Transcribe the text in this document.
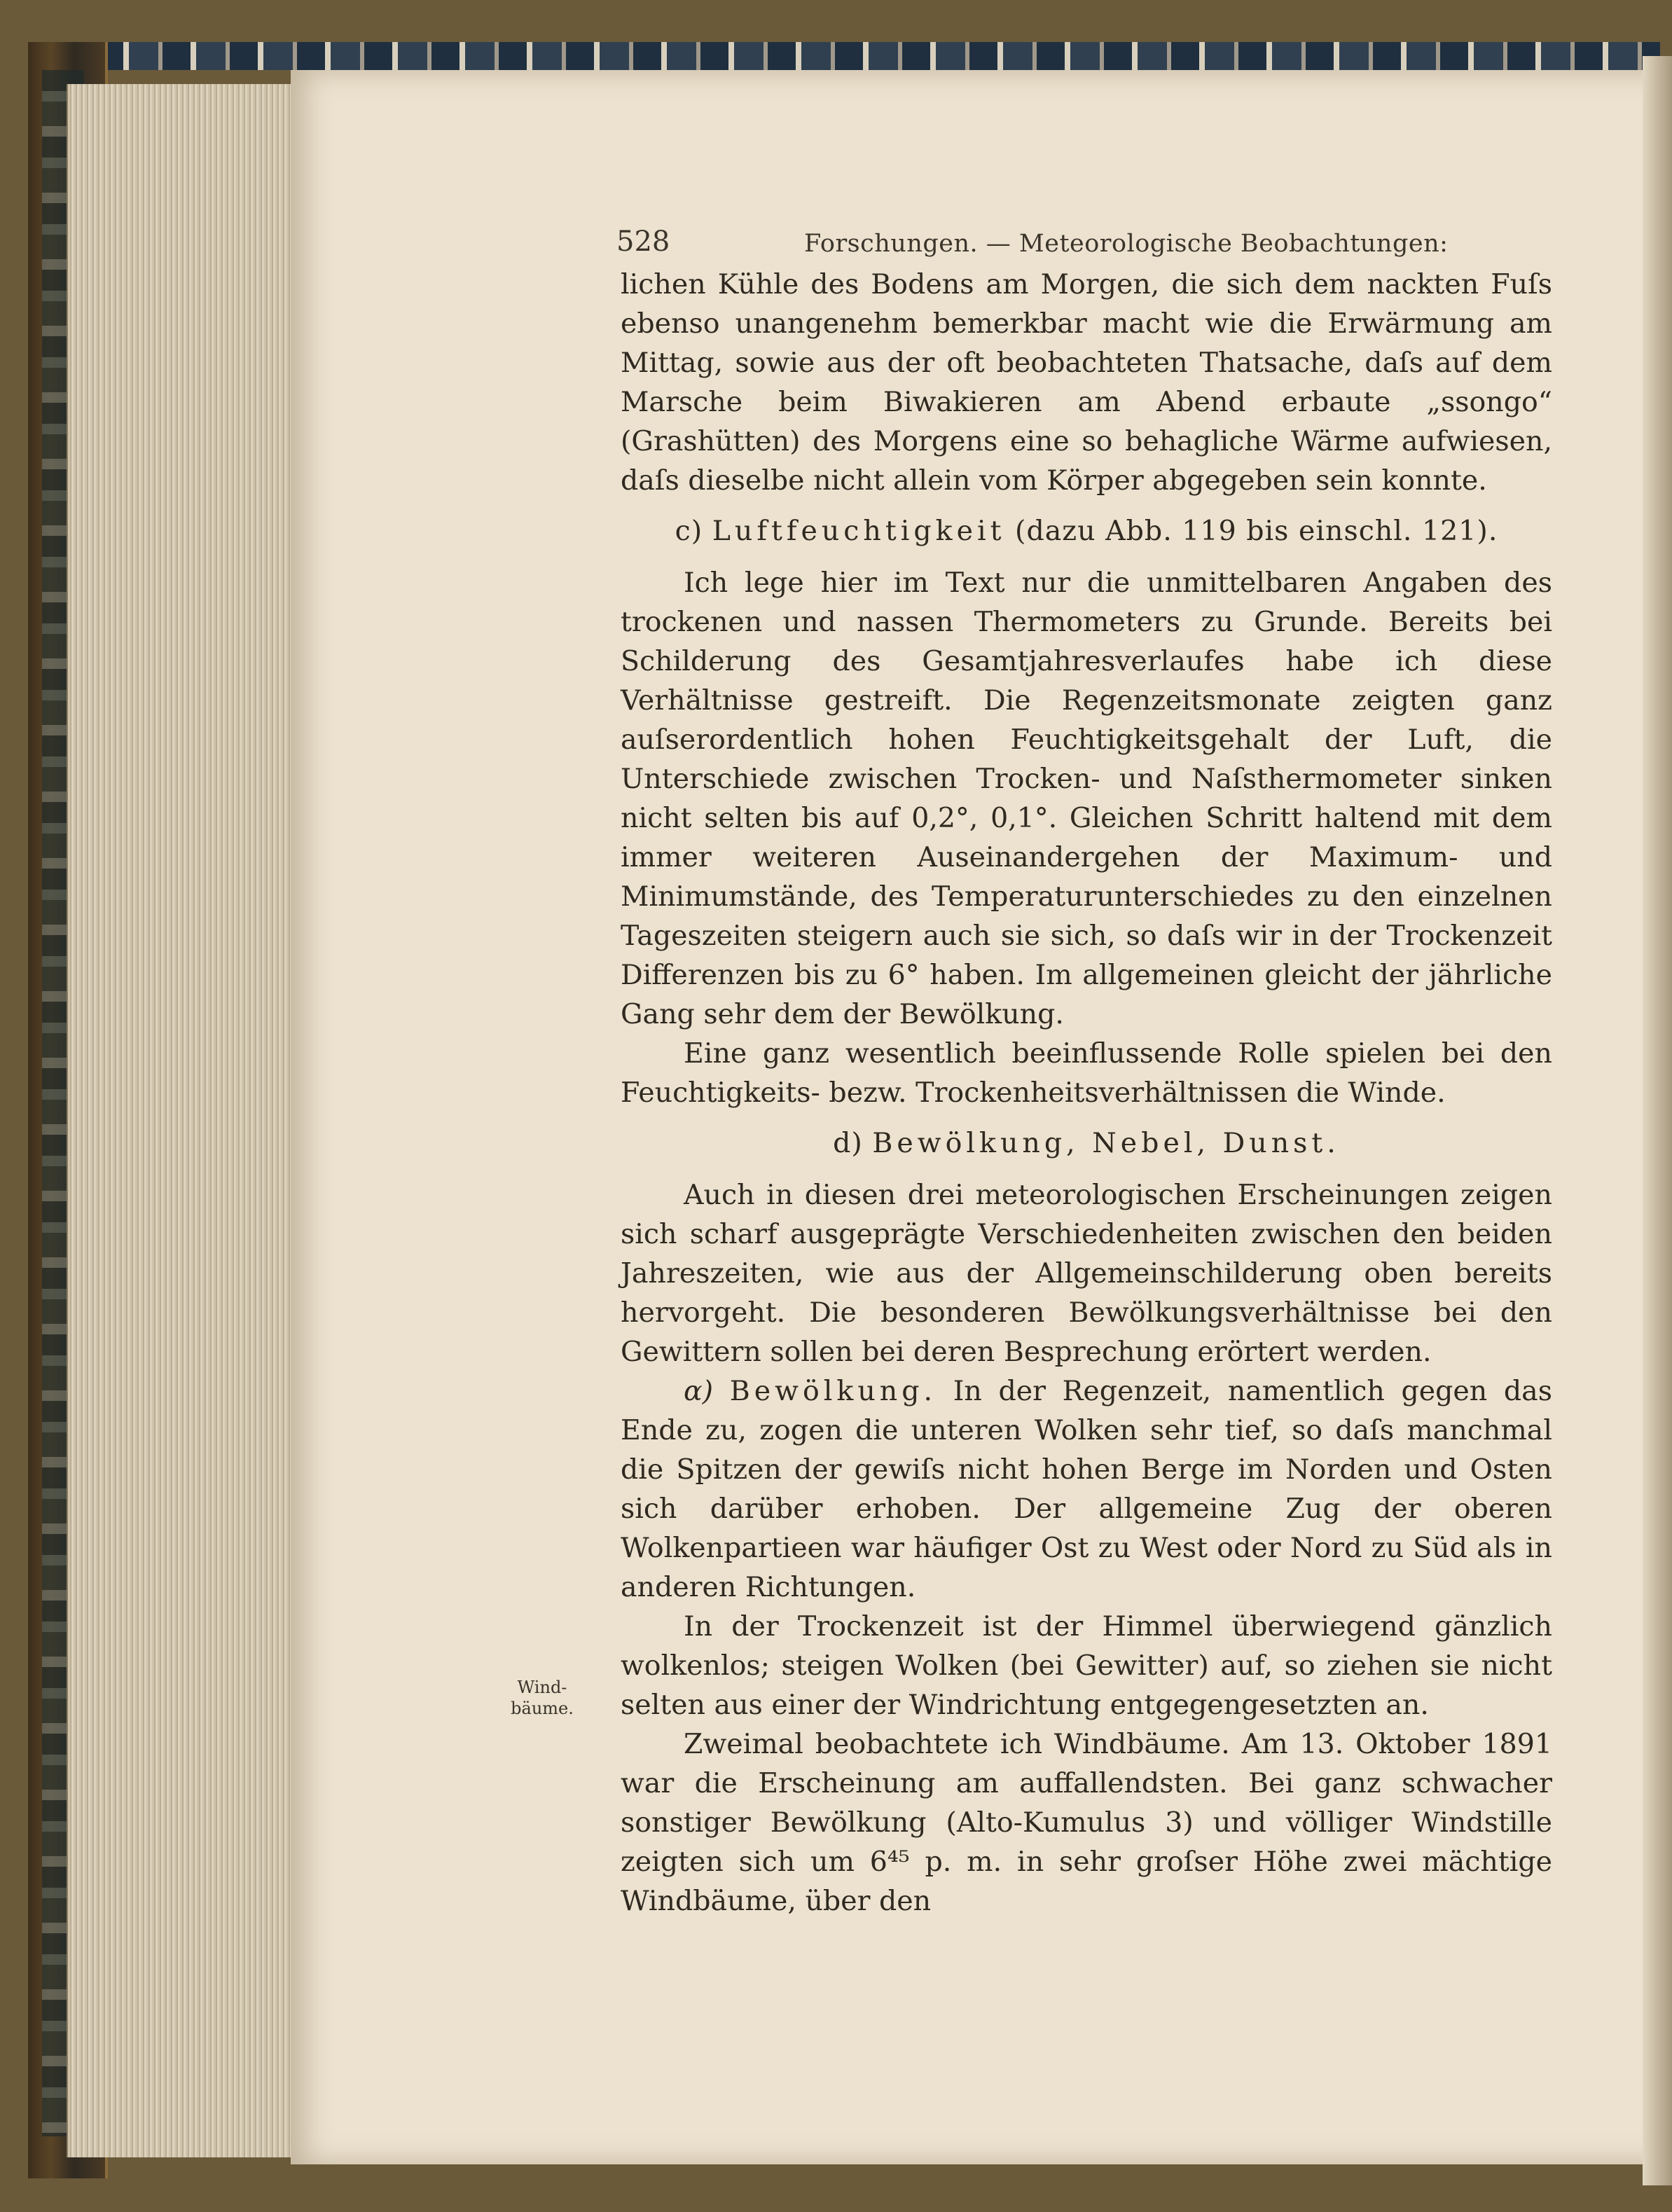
528	Forschungen. — Meteorologische Beobachtungen:
Wind-
bäume.

lichen Kühle des Bodens am Morgen, die sich dem nackten Fuſs ebenso unangenehm bemerkbar macht wie die Erwärmung am Mittag, sowie aus der oft beobachteten Thatsache, daſs auf dem Marsche beim Biwakieren am Abend erbaute „ssongo“ (Grashütten) des Morgens eine so behagliche Wärme aufwiesen, daſs dieselbe nicht allein vom Körper abgegeben sein konnte.

c) Luftfeuchtigkeit (dazu Abb. 119 bis einschl. 121).

Ich lege hier im Text nur die unmittelbaren Angaben des trockenen und nassen Thermometers zu Grunde. Bereits bei Schilderung des Gesamtjahresverlaufes habe ich diese Verhältnisse gestreift. Die Regenzeitsmonate zeigten ganz auſserordentlich hohen Feuchtigkeitsgehalt der Luft, die Unterschiede zwischen Trocken- und Naſsthermometer sinken nicht selten bis auf 0,2°, 0,1°. Gleichen Schritt haltend mit dem immer weiteren Auseinandergehen der Maximum- und Minimumstände, des Temperaturunterschiedes zu den einzelnen Tageszeiten steigern auch sie sich, so daſs wir in der Trockenzeit Differenzen bis zu 6° haben. Im allgemeinen gleicht der jährliche Gang sehr dem der Bewölkung.

Eine ganz wesentlich beeinflussende Rolle spielen bei den Feuchtigkeits- bezw. Trockenheitsverhältnissen die Winde.

d) Bewölkung, Nebel, Dunst.

Auch in diesen drei meteorologischen Erscheinungen zeigen sich scharf ausgeprägte Verschiedenheiten zwischen den beiden Jahreszeiten, wie aus der Allgemeinschilderung oben bereits hervorgeht. Die besonderen Bewölkungsverhältnisse bei den Gewittern sollen bei deren Besprechung erörtert werden.

α) Bewölkung. In der Regenzeit, namentlich gegen das Ende zu, zogen die unteren Wolken sehr tief, so daſs manchmal die Spitzen der gewiſs nicht hohen Berge im Norden und Osten sich darüber erhoben. Der allgemeine Zug der oberen Wolkenpartieen war häufiger Ost zu West oder Nord zu Süd als in anderen Richtungen.

In der Trockenzeit ist der Himmel überwiegend gänzlich wolkenlos; steigen Wolken (bei Gewitter) auf, so ziehen sie nicht selten aus einer der Windrichtung entgegengesetzten an.

Zweimal beobachtete ich Windbäume. Am 13. Oktober 1891 war die Erscheinung am auffallendsten. Bei ganz schwacher sonstiger Bewölkung (Alto-Kumulus 3) und völliger Windstille zeigten sich um 6⁴⁵ p. m. in sehr groſser Höhe zwei mächtige Windbäume, über den
